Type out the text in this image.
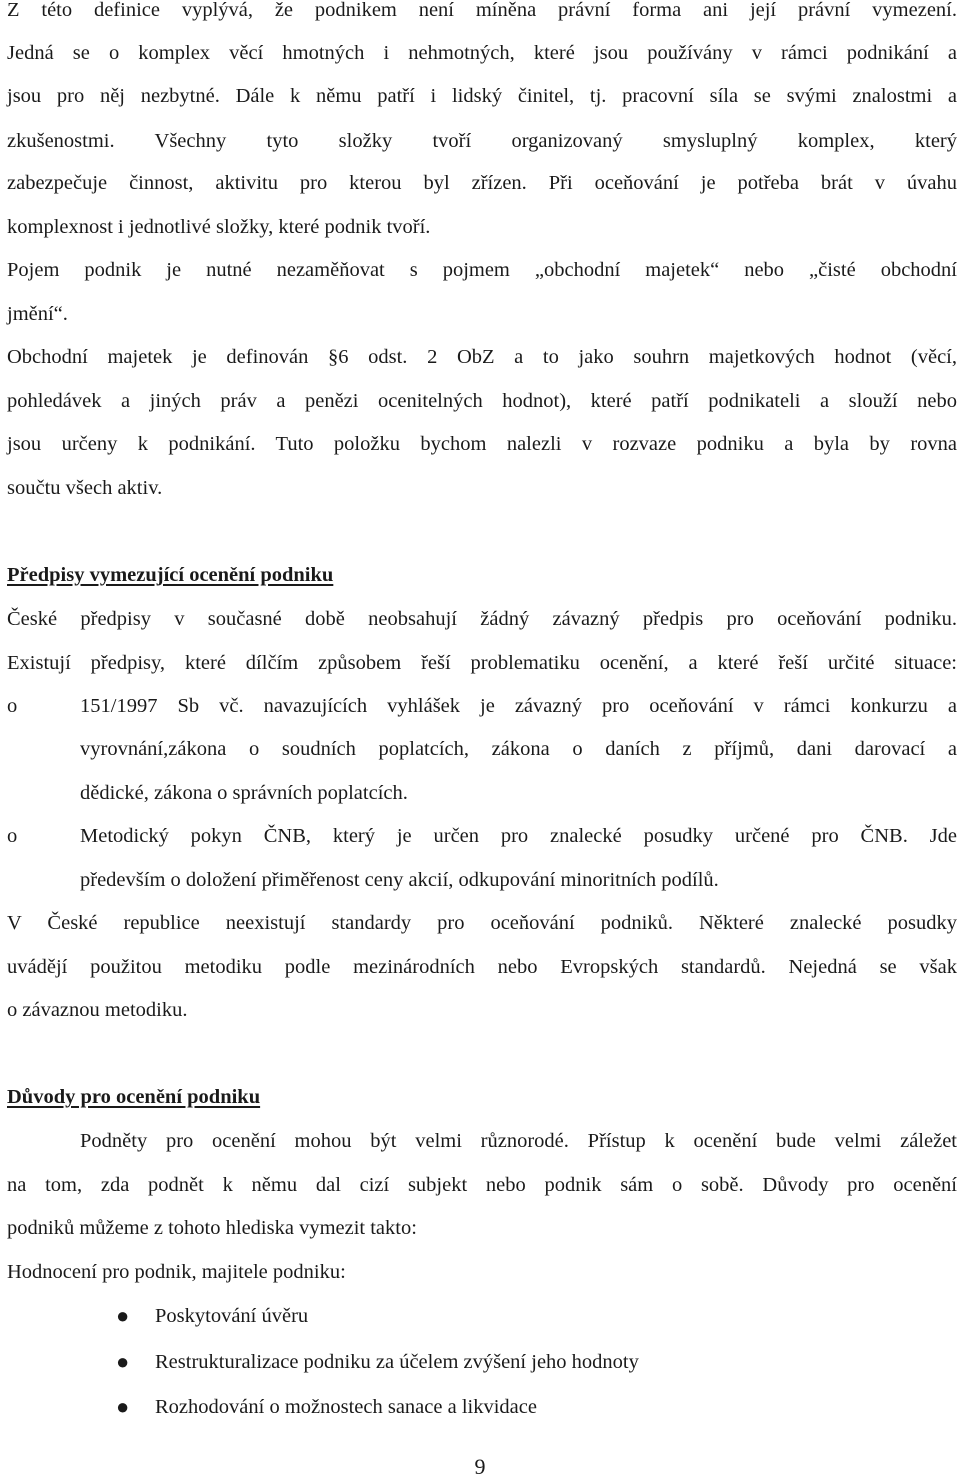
Z této definice vyplývá, že podnikem není míněna právní forma ani její právní vymezení.
Jedná se o komplex věcí hmotných i nehmotných, které jsou používány v rámci podnikání a
jsou pro něj nezbytné. Dále k němu patří i lidský činitel, tj. pracovní síla se svými znalostmi a
zkušenostmi. Všechny tyto složky tvoří organizovaný smysluplný komplex, který
zabezpečuje činnost, aktivitu pro kterou byl zřízen. Při oceňování je potřeba brát v úvahu
komplexnost i jednotlivé složky, které podnik tvoří.
Pojem podnik je nutné nezaměňovat s pojmem „obchodní majetek“ nebo „čisté obchodní
jmění“.
Obchodní majetek je definován §6 odst. 2 ObZ a to jako souhrn majetkových hodnot (věcí,
pohledávek a jiných práv a penězi ocenitelných hodnot), které patří podnikateli a slouží nebo
jsou určeny k podnikání. Tuto položku bychom nalezli v rozvaze podniku a byla by rovna
součtu všech aktiv.
Předpisy vymezující ocenění podniku
České předpisy v současné době neobsahují žádný závazný předpis pro oceňování podniku.
Existují předpisy, které dílčím způsobem řeší problematiku ocenění, a které řeší určité situace:
o	151/1997 Sb vč. navazujících vyhlášek je závazný pro oceňování v rámci konkurzu a
vyrovnání,zákona o soudních poplatcích, zákona o daních z příjmů, dani darovací a
dědické, zákona o správních poplatcích.
o	Metodický pokyn ČNB, který je určen pro znalecké posudky určené pro ČNB. Jde
především o doložení přiměřenost ceny akcií, odkupování minoritních podílů.
V České republice neexistují standardy pro oceňování podniků. Některé znalecké posudky
uvádějí použitou metodiku podle mezinárodních nebo Evropských standardů. Nejedná se však
o závaznou metodiku.
Důvody pro ocenění podniku
Podněty pro ocenění mohou být velmi různorodé. Přístup k ocenění bude velmi záležet
na tom, zda podnět k němu dal cizí subjekt nebo podnik sám o sobě. Důvody pro ocenění
podniků můžeme z tohoto hlediska vymezit takto:
Hodnocení pro podnik, majitele podniku:
● Poskytování úvěru
● Restrukturalizace podniku za účelem zvýšení jeho hodnoty
● Rozhodování o možnostech sanace a likvidace
9
